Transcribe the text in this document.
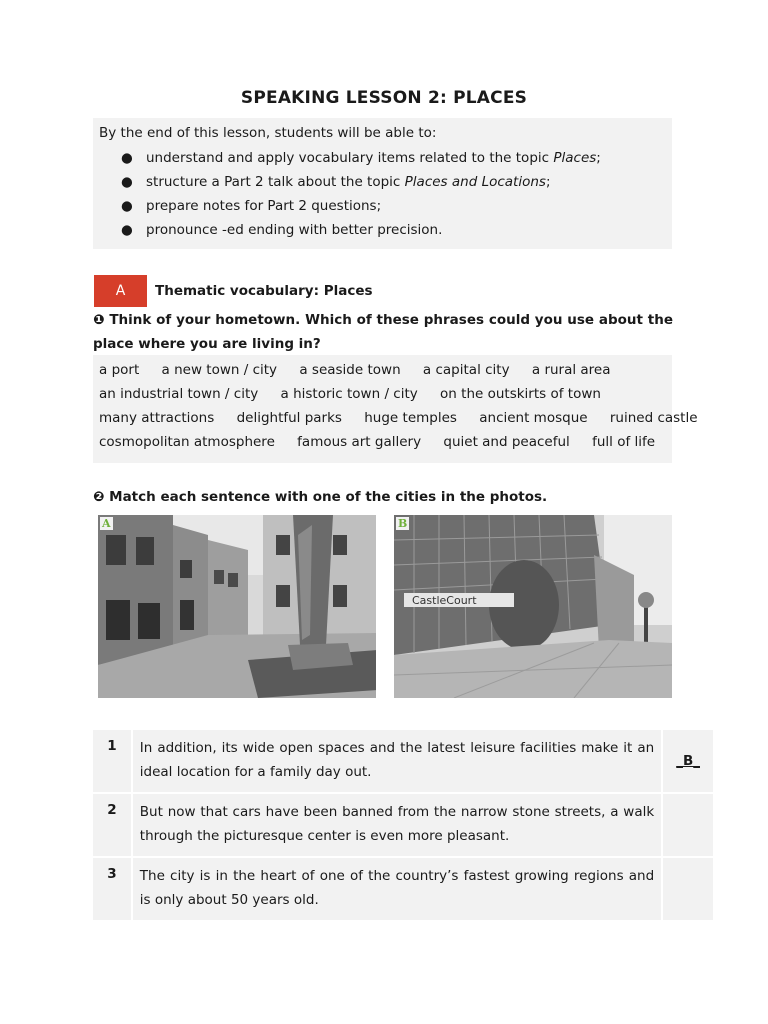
SPEAKING LESSON 2: PLACES
By the end of this lesson, students will be able to:
● understand and apply vocabulary items related to the topic Places;
● structure a Part 2 talk about the topic Places and Locations;
● prepare notes for Part 2 questions;
● pronounce -ed ending with better precision.
A	Thematic vocabulary: Places
❶ Think of your hometown. Which of these phrases could you use about the place where you are living in?
a port a new town / city a seaside town a capital city a rural area
an industrial town / city a historic town / city on the outskirts of town
many attractions delightful parks huge temples ancient mosque ruined castle
cosmopolitan atmosphere famous art gallery quiet and peaceful full of life
❷ Match each sentence with one of the cities in the photos.
A
CastleCourt
B
1	In addition, its wide open spaces and the latest leisure facilities make it an ideal location for a family day out.	_B_
2	But now that cars have been banned from the narrow stone streets, a walk through the picturesque center is even more pleasant.	
3	The city is in the heart of one of the country’s fastest growing regions and is only about 50 years old.	
